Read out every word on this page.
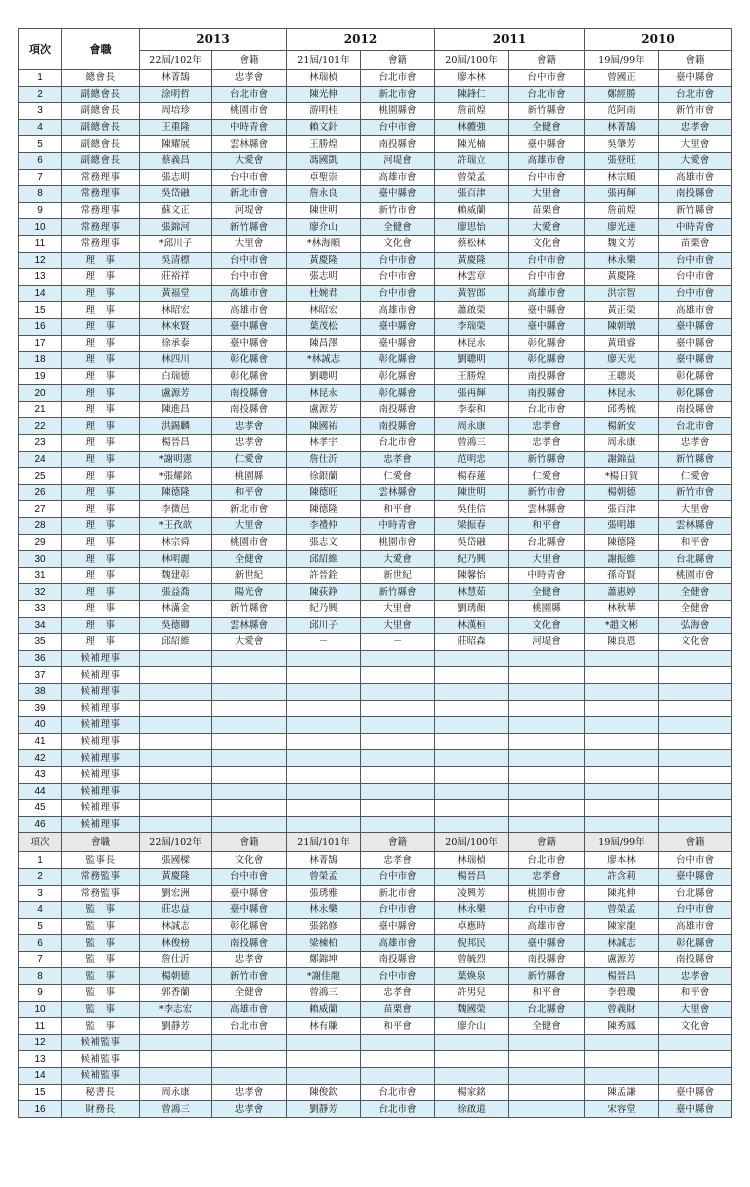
項次	會職	2013		2012		2011		2010	
		22屆/102年	會籍	21屆/101年	會籍	20屆/100年	會籍	19屆/99年	會籍
1	總會長	林菁鵠	忠孝會	林瑞楨	台北市會	廖本林	台中市會	曾國正	臺中縣會
2	副總會長	涂明哲	台北市會	陳光伸	新北市會	陳鋒仁	台北市會	鄭經勝	台北市會
3	副總會長	周培珍	桃園市會	游明桂	桃園縣會	詹前煌	新竹縣會	范阿南	新竹市會
4	副總會長	王重隆	中時青會	賴文針	台中市會	林體強	全健會	林菁鵠	忠孝會
5	副總會長	陳耀展	雲林縣會	王勝煌	南投縣會	陳光楠	臺中縣會	吳肇芳	大里會
6	副總會長	蔡義昌	大愛會	馮國凱	河堤會	許瑞立	高雄市會	張登旺	大愛會
7	常務理事	張志明	台中市會	卓聖崇	高雄市會	曾榮孟	台中市會	林宗順	高雄市會
8	常務理事	吳岱融	新北市會	詹永良	臺中縣會	張百津	大里會	張再輝	南投縣會
9	常務理事	蘇文正	河堤會	陳世明	新竹市會	賴威蘭	苗栗會	詹前煌	新竹縣會
10	常務理事	張錦河	新竹縣會	廖介山	全健會	廖思怡	大愛會	廖光達	中時青會
11	常務理事	*邱川子	大里會	*林海順	文化會	蔡松林	文化會	魏文芳	苗栗會
12	理　事	吳清標	台中市會	黃慶隆	台中市會	黃慶隆	台中市會	林永樂	台中市會
13	理　事	莊裕祥	台中市會	張志明	台中市會	林雲章	台中市會	黃慶隆	台中市會
14	理　事	黃福堂	高雄市會	杜婉君	台中市會	黃智郎	高雄市會	洪宗智	台中市會
15	理　事	林昭宏	高雄市會	林昭宏	高雄市會	蕭啟榮	臺中縣會	黃正榮	高雄市會
16	理　事	林來賢	臺中縣會	葉茂松	臺中縣會	李瑞榮	臺中縣會	陳朝墩	臺中縣會
17	理　事	徐承泰	臺中縣會	陳昌澤	臺中縣會	林昆永	彰化縣會	黃瑣睿	臺中縣會
18	理　事	林四川	彰化縣會	*林誠志	彰化縣會	劉聰明	彰化縣會	廖天光	臺中縣會
19	理　事	白瑞德	彰化縣會	劉聰明	彰化縣會	王勝煌	南投縣會	王聰炎	彰化縣會
20	理　事	盧源芳	南投縣會	林昆永	彰化縣會	張再輝	南投縣會	林昆永	彰化縣會
21	理　事	陳進昌	南投縣會	盧源芳	南投縣會	李泰和	台北市會	邱秀梳	南投縣會
22	理　事	洪錫麟	忠孝會	陳國祐	南投縣會	周永康	忠孝會	楊新安	台北市會
23	理　事	楊晉昌	忠孝會	林孝宇	台北市會	曾鴻三	忠孝會	周永康	忠孝會
24	理　事	*謝明憲	仁愛會	詹仕沂	忠孝會	范明忠	新竹縣會	謝錦益	新竹縣會
25	理　事	*張耀銘	桃園縣	徐銀蘭	仁愛會	楊春蓮	仁愛會	*楊日賀	仁愛會
26	理　事	陳德隆	和平會	陳德旺	雲林縣會	陳世明	新竹市會	楊朝德	新竹市會
27	理　事	李微邑	新北市會	陳德隆	和平會	吳佳信	雲林縣會	張百津	大里會
28	理　事	*王孜歆	大里會	李禮仲	中時青會	梁振春	和平會	張明雄	雲林縣會
29	理　事	林宗舜	桃園市會	張志文	桃園市會	吳岱融	台北縣會	陳德隆	和平會
30	理　事	林明麗	全健會	邱紹維	大愛會	紀乃興	大里會	謝振維	台北縣會
31	理　事	魏建彰	新世紀	許晉銓	新世紀	陳馨怡	中時青會	孫奇賢	桃園市會
32	理　事	張益喬	陽光會	陳荻錚	新竹縣會	林慧茹	全健會	蕭惠婷	全健會
33	理　事	林滿金	新竹縣會	紀乃興	大里會	劉琇顏	桃園縣	林秋華	全健會
34	理　事	吳德卿	雲林縣會	邱川子	大里會	林漢桓	文化會	*趙文彬	弘海會
35	理　事	邱紹維	大愛會	－	－	莊昭森	河堤會	陳良恩	文化會
36	候補理事								
37	候補理事								
38	候補理事								
39	候補理事								
40	候補理事								
41	候補理事								
42	候補理事								
43	候補理事								
44	候補理事								
45	候補理事								
46	候補理事								
項次	會職	22屆/102年	會籍	21屆/101年	會籍	20屆/100年	會籍	19屆/99年	會籍
1	監事長	張國樑	文化會	林菁鵠	忠孝會	林瑞楨	台北市會	廖本林	台中市會
2	常務監事	黃慶隆	台中市會	曾榮孟	台中市會	楊晉昌	忠孝會	許含莉	臺中縣會
3	常務監事	劉宏洲	臺中縣會	張琇雅	新北市會	凌興芳	桃園市會	陳兆伸	台北縣會
4	監　事	莊忠益	臺中縣會	林永樂	台中市會	林永樂	台中市會	曾榮孟	台中市會
5	監　事	林誠志	彰化縣會	張銘修	臺中縣會	卓應時	高雄市會	陳家龍	高雄市會
6	監　事	林俊榜	南投縣會	梁棟柏	高雄市會	倪邦民	臺中縣會	林誠志	彰化縣會
7	監　事	詹仕沂	忠孝會	鄭錦坤	南投縣會	曾毓烈	南投縣會	盧源芳	南投縣會
8	監　事	楊朝德	新竹市會	*謝佳龍	台中市會	葉煥泉	新竹縣會	楊晉昌	忠孝會
9	監　事	郭香蘭	全健會	曾鴻三	忠孝會	許男兒	和平會	李碧瓊	和平會
10	監　事	*李志宏	高雄市會	賴威蘭	苗栗會	魏國榮	台北縣會	曾義財	大里會
11	監　事	劉靜芳	台北市會	林有賺	和平會	廖介山	全健會	陳秀鳳	文化會
12	候補監事								
13	候補監事								
14	候補監事								
15	秘書長	周永康	忠孝會	陳俊欽	台北市會	楊家銘		陳孟謙	臺中縣會
16	財務長	曾鴻三	忠孝會	劉靜芳	台北市會	徐啟道		宋容堂	臺中縣會
